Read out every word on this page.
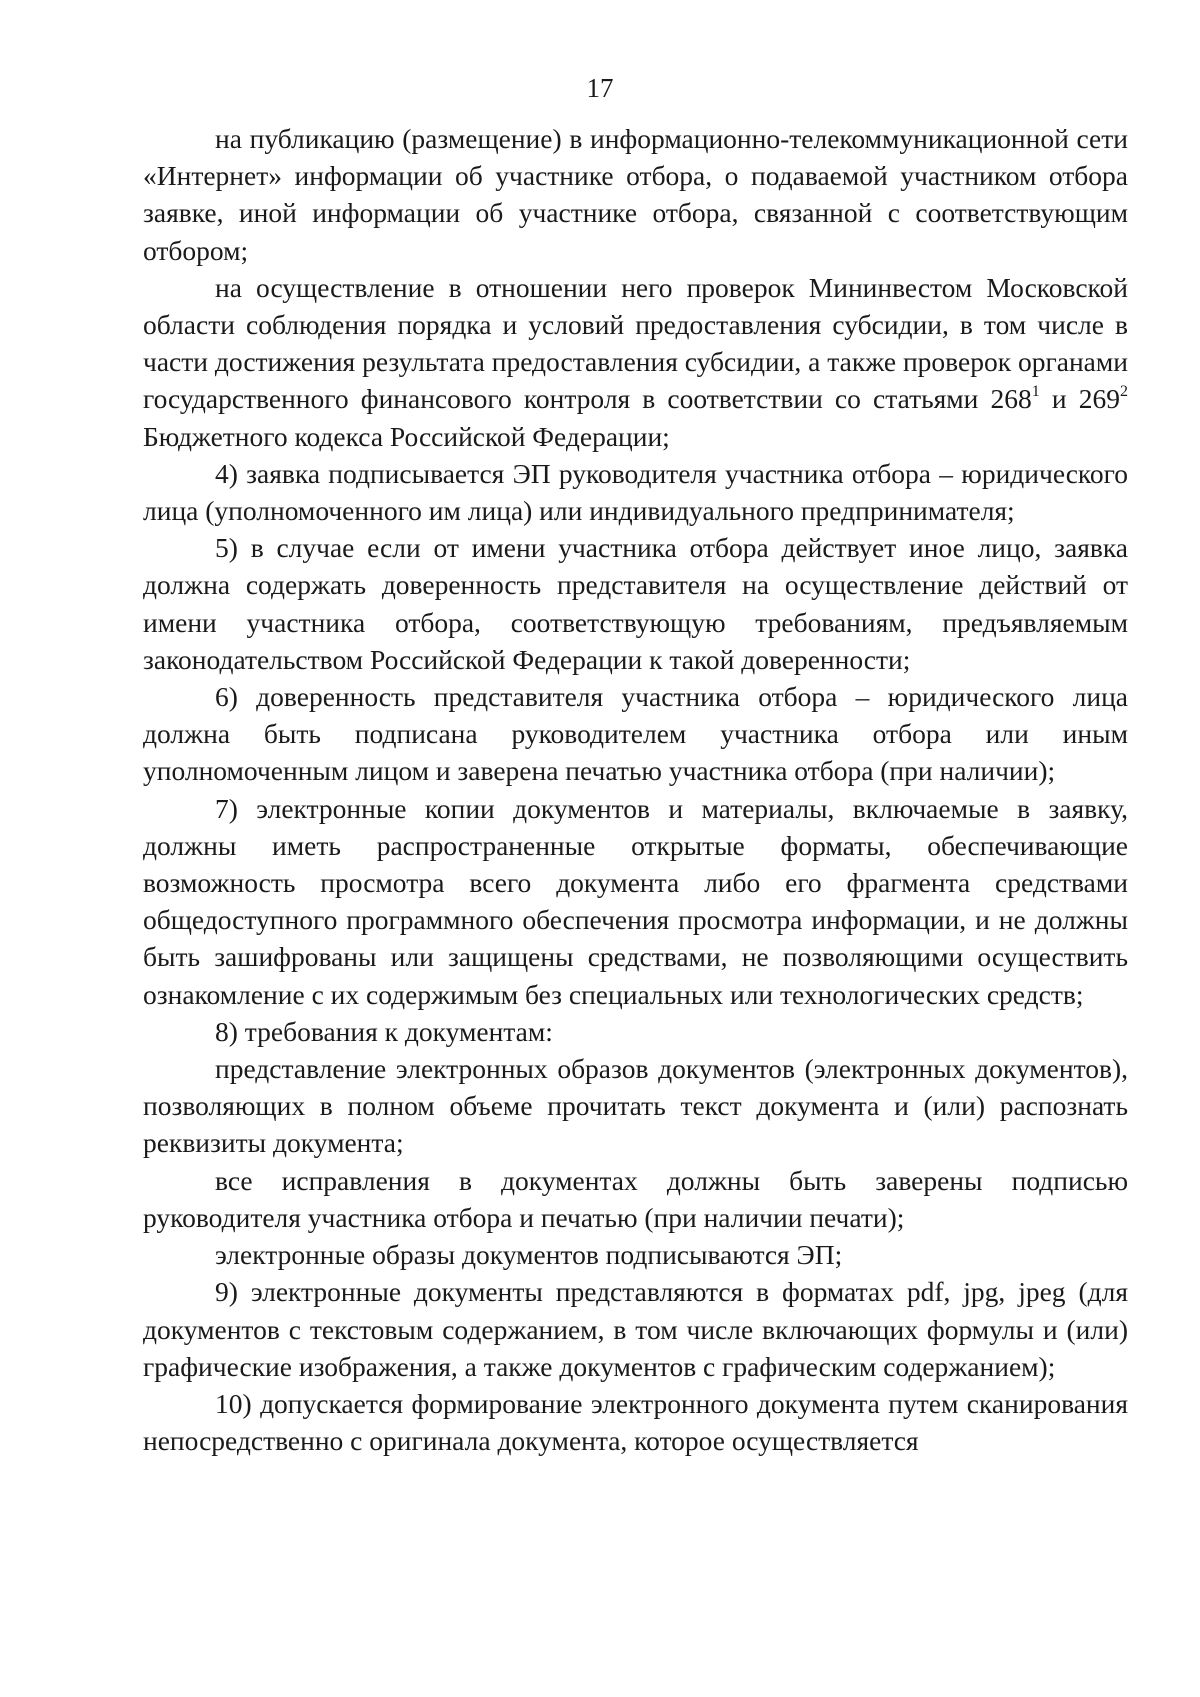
17

на публикацию (размещение) в информационно-телекоммуникационной сети «Интернет» информации об участнике отбора, о подаваемой участником отбора заявке, иной информации об участнике отбора, связанной с соответствующим отбором;

на осуществление в отношении него проверок Мининвестом Московской области соблюдения порядка и условий предоставления субсидии, в том числе в части достижения результата предоставления субсидии, а также проверок органами государственного финансового контроля в соответствии со статьями $268^1$ и $269^2$ Бюджетного кодекса Российской Федерации;

4) заявка подписывается ЭП руководителя участника отбора – юридического лица (уполномоченного им лица) или индивидуального предпринимателя;

5) в случае если от имени участника отбора действует иное лицо, заявка должна содержать доверенность представителя на осуществление действий от имени участника отбора, соответствующую требованиям, предъявляемым законодательством Российской Федерации к такой доверенности;

6) доверенность представителя участника отбора – юридического лица должна быть подписана руководителем участника отбора или иным уполномоченным лицом и заверена печатью участника отбора (при наличии);

7) электронные копии документов и материалы, включаемые в заявку, должны иметь распространенные открытые форматы, обеспечивающие возможность просмотра всего документа либо его фрагмента средствами общедоступного программного обеспечения просмотра информации, и не должны быть зашифрованы или защищены средствами, не позволяющими осуществить ознакомление с их содержимым без специальных или технологических средств;

8) требования к документам:

представление электронных образов документов (электронных документов), позволяющих в полном объеме прочитать текст документа и (или) распознать реквизиты документа;

все исправления в документах должны быть заверены подписью руководителя участника отбора и печатью (при наличии печати);

электронные образы документов подписываются ЭП;

9) электронные документы представляются в форматах pdf, jpg, jpeg (для документов с текстовым содержанием, в том числе включающих формулы и (или) графические изображения, а также документов с графическим содержанием);

10) допускается формирование электронного документа путем сканирования непосредственно с оригинала документа, которое осуществляется
